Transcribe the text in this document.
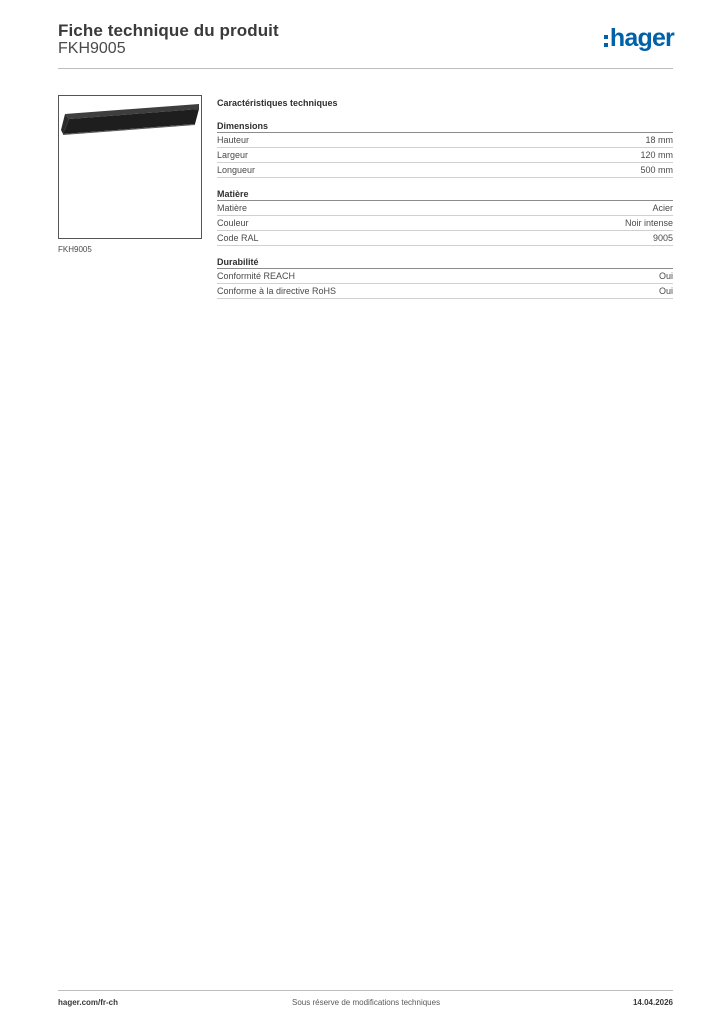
Fiche technique du produit
FKH9005	hager
FKH9005
Caractéristiques techniques
Dimensions
Hauteur	18 mm
Largeur	120 mm
Longueur	500 mm
Matière
Matière	Acier
Couleur	Noir intense
Code RAL	9005
Durabilité
Conformité REACH	Oui
Conforme à la directive RoHS	Oui
hager.com/fr-ch	Sous réserve de modifications techniques	14.04.2026
